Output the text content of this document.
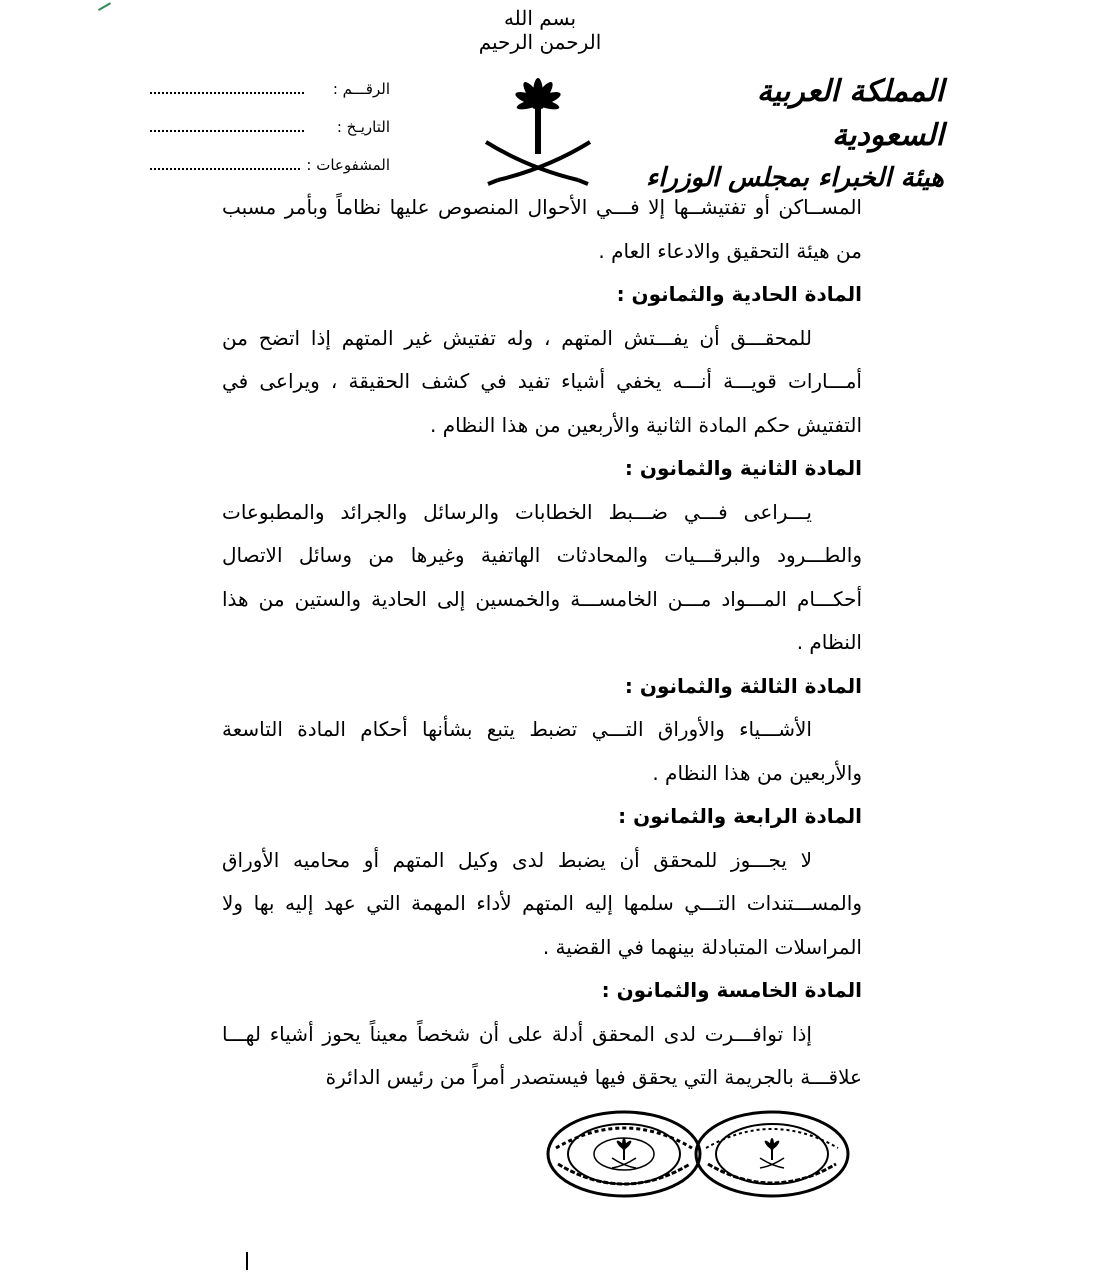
بسم الله الرحمن الرحيم
المملكة العربية السعودية
هيئة الخبراء بمجلس الوزراء
الرقـــم :
التاريـخ :
المشفوعات :

المســاكن أو تفتيشــها إلا فـــي الأحوال المنصوص عليها نظاماً وبأمر مسبب من هيئة التحقيق والادعاء العام .

المادة الحادية والثمانون :

للمحقـــق أن يفـــتش المتهم ، وله تفتيش غير المتهم إذا اتضح من أمـــارات قويـــة أنـــه يخفي أشياء تفيد في كشف الحقيقة ، ويراعى في التفتيش حكم المادة الثانية والأربعين من هذا النظام .

المادة الثانية والثمانون :

يـــراعى فـــي ضـــبط الخطابات والرسائل والجرائد والمطبوعات والطـــرود والبرقـــيات والمحادثات الهاتفية وغيرها من وسائل الاتصال أحكـــام المـــواد مـــن الخامســـة والخمسين إلى الحادية والستين من هذا النظام .

المادة الثالثة والثمانون :

الأشـــياء والأوراق التـــي تضبط يتبع بشأنها أحكام المادة التاسعة والأربعين من هذا النظام .

المادة الرابعة والثمانون :

لا يجـــوز للمحقق أن يضبط لدى وكيل المتهم أو محاميه الأوراق والمســـتندات التـــي سلمها إليه المتهم لأداء المهمة التي عهد إليه بها ولا المراسلات المتبادلة بينهما في القضية .

المادة الخامسة والثمانون :

إذا توافـــرت لدى المحقق أدلة على أن شخصاً معيناً يحوز أشياء لهـــا علاقـــة بالجريمة التي يحقق فيها فيستصدر أمراً من رئيس الدائرة
